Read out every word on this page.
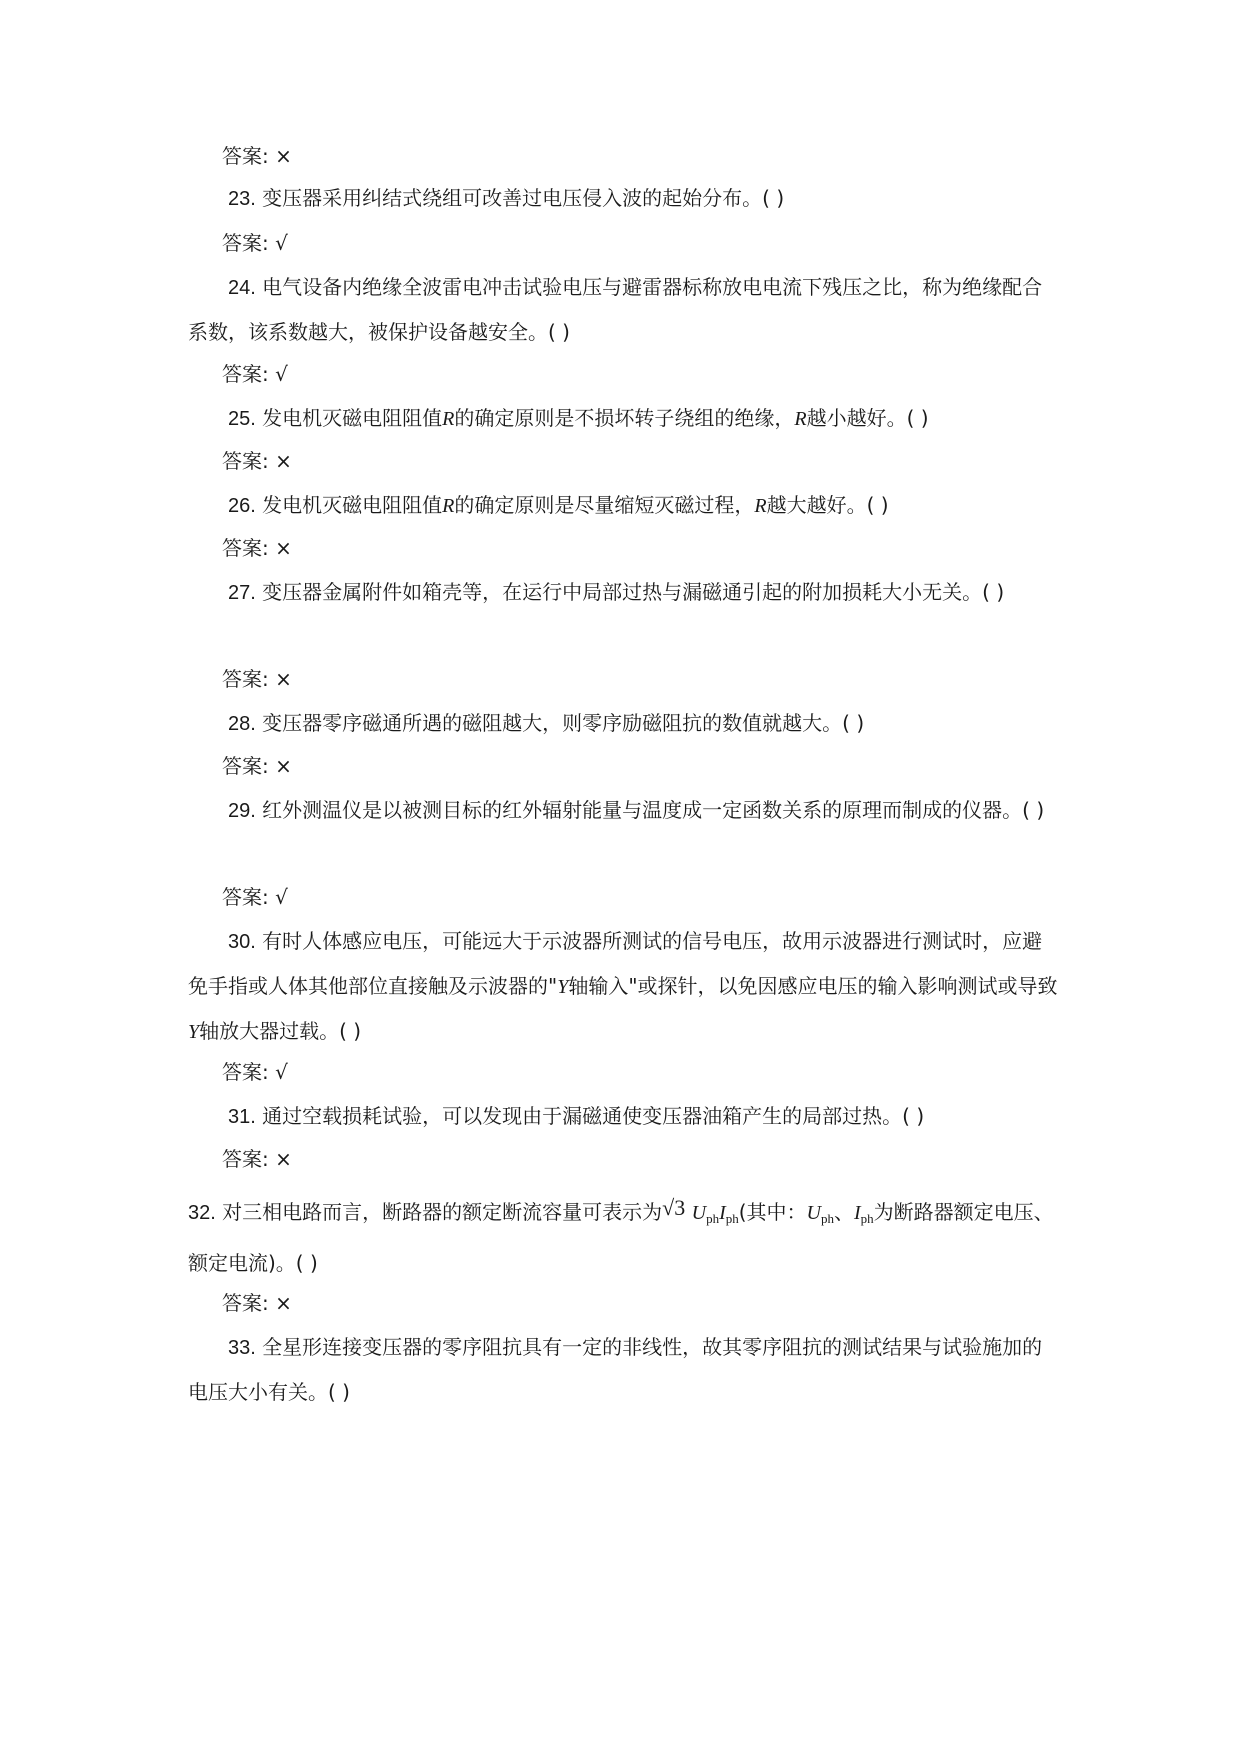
答案: ×

23. 变压器采用纠结式绕组可改善过电压侵入波的起始分布。( )

答案: √

24. 电气设备内绝缘全波雷电冲击试验电压与避雷器标称放电电流下残压之比，称为绝缘配合系数，该系数越大，被保护设备越安全。( )

答案: √

25. 发电机灭磁电阻阻值R的确定原则是不损坏转子绕组的绝缘，R越小越好。( )

答案: ×

26. 发电机灭磁电阻阻值R的确定原则是尽量缩短灭磁过程，R越大越好。( )

答案: ×

27. 变压器金属附件如箱壳等，在运行中局部过热与漏磁通引起的附加损耗大小无关。( )

答案: ×

28. 变压器零序磁通所遇的磁阻越大，则零序励磁阻抗的数值就越大。( )

答案: ×

29. 红外测温仪是以被测目标的红外辐射能量与温度成一定函数关系的原理而制成的仪器。( )

答案: √

30. 有时人体感应电压，可能远大于示波器所测试的信号电压，故用示波器进行测试时，应避免手指或人体其他部位直接触及示波器的"Y轴输入"或探针，以免因感应电压的输入影响测试或导致Y轴放大器过载。( )

答案: √

31. 通过空载损耗试验，可以发现由于漏磁通使变压器油箱产生的局部过热。( )

答案: ×

32. 对三相电路而言，断路器的额定断流容量可表示为√3 $U_{ph}I_{ph}$(其中：$U_{ph}$、$I_{ph}$为断路器额定电压、额定电流)。( )

答案: ×

33. 全星形连接变压器的零序阻抗具有一定的非线性，故其零序阻抗的测试结果与试验施加的电压大小有关。( )
